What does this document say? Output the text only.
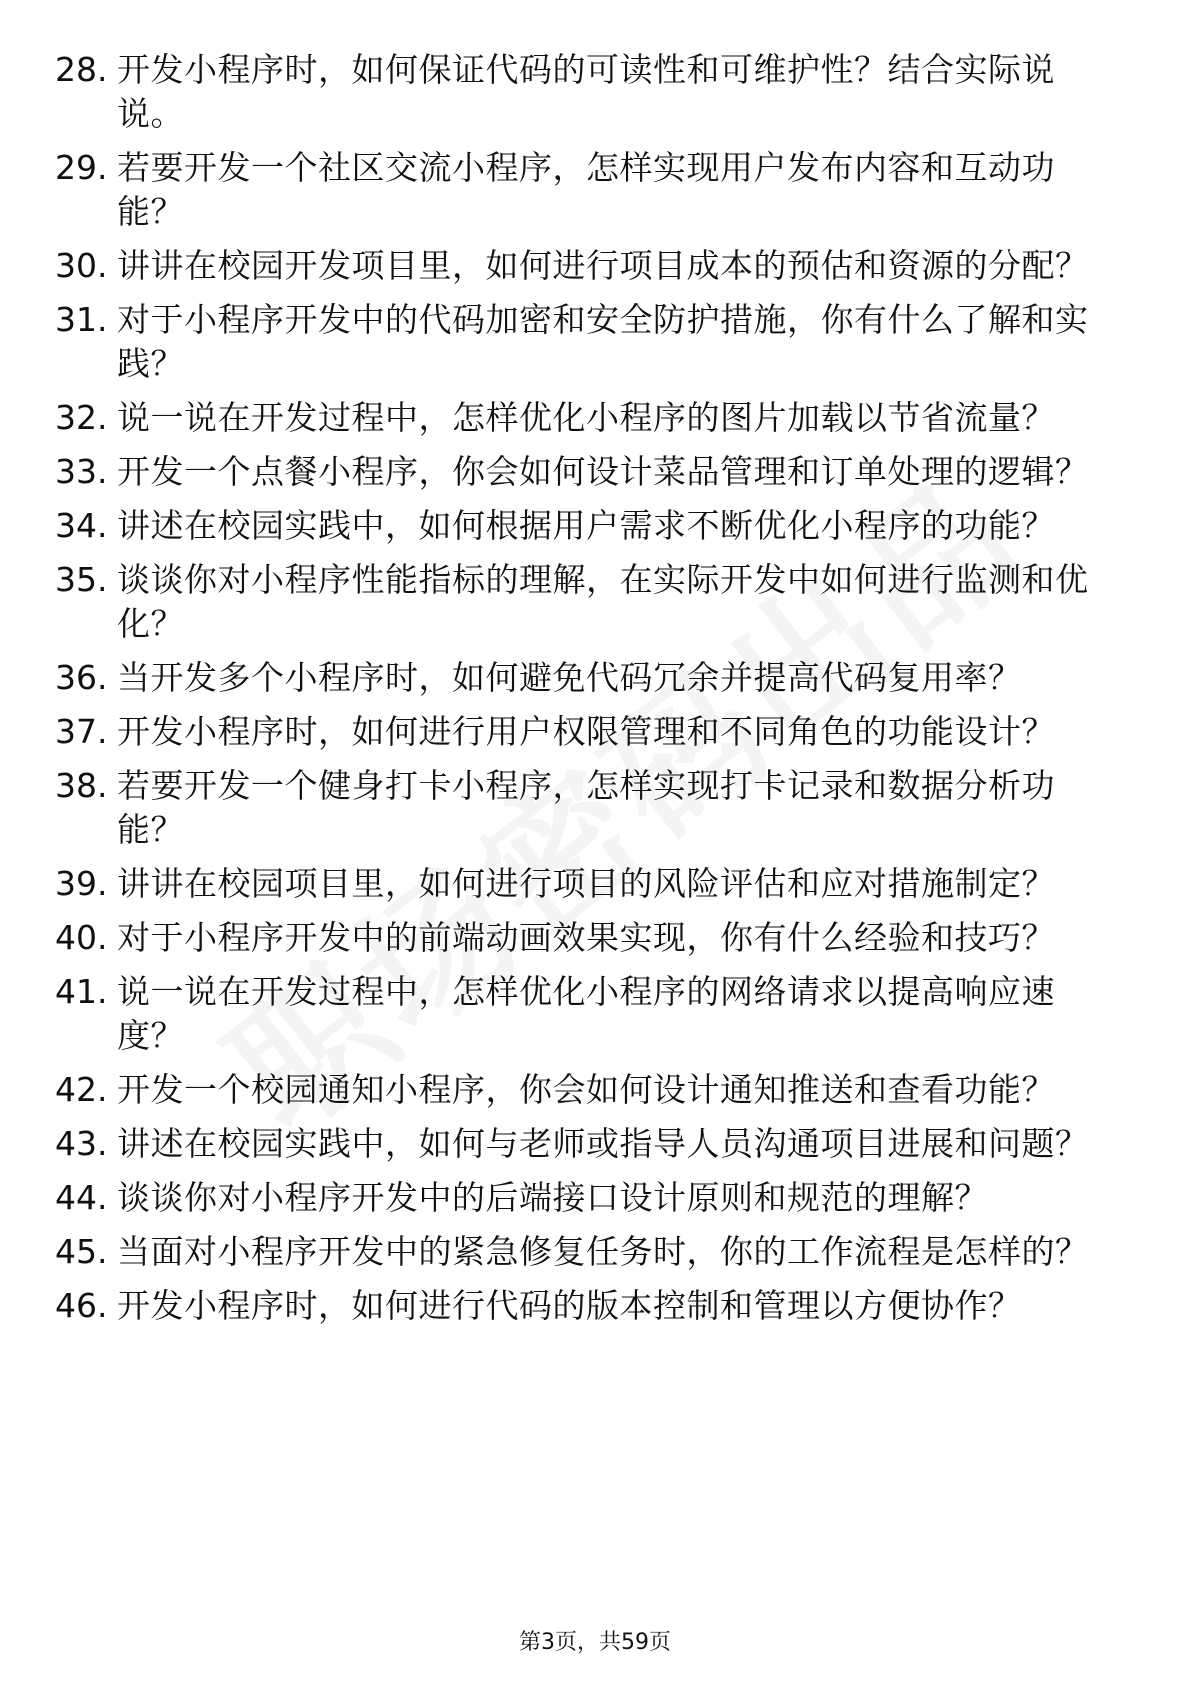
28. 开发小程序时，如何保证代码的可读性和可维护性？结合实际说说。
29. 若要开发一个社区交流小程序，怎样实现用户发布内容和互动功能？
30. 讲讲在校园开发项目里，如何进行项目成本的预估和资源的分配？
31. 对于小程序开发中的代码加密和安全防护措施，你有什么了解和实践？
32. 说一说在开发过程中，怎样优化小程序的图片加载以节省流量？
33. 开发一个点餐小程序，你会如何设计菜品管理和订单处理的逻辑？
34. 讲述在校园实践中，如何根据用户需求不断优化小程序的功能？
35. 谈谈你对小程序性能指标的理解，在实际开发中如何进行监测和优化？
36. 当开发多个小程序时，如何避免代码冗余并提高代码复用率？
37. 开发小程序时，如何进行用户权限管理和不同角色的功能设计？
38. 若要开发一个健身打卡小程序，怎样实现打卡记录和数据分析功能？
39. 讲讲在校园项目里，如何进行项目的风险评估和应对措施制定？
40. 对于小程序开发中的前端动画效果实现，你有什么经验和技巧？
41. 说一说在开发过程中，怎样优化小程序的网络请求以提高响应速度？
42. 开发一个校园通知小程序，你会如何设计通知推送和查看功能？
43. 讲述在校园实践中，如何与老师或指导人员沟通项目进展和问题？
44. 谈谈你对小程序开发中的后端接口设计原则和规范的理解？
45. 当面对小程序开发中的紧急修复任务时，你的工作流程是怎样的？
46. 开发小程序时，如何进行代码的版本控制和管理以方便协作？
第3页，共59页
